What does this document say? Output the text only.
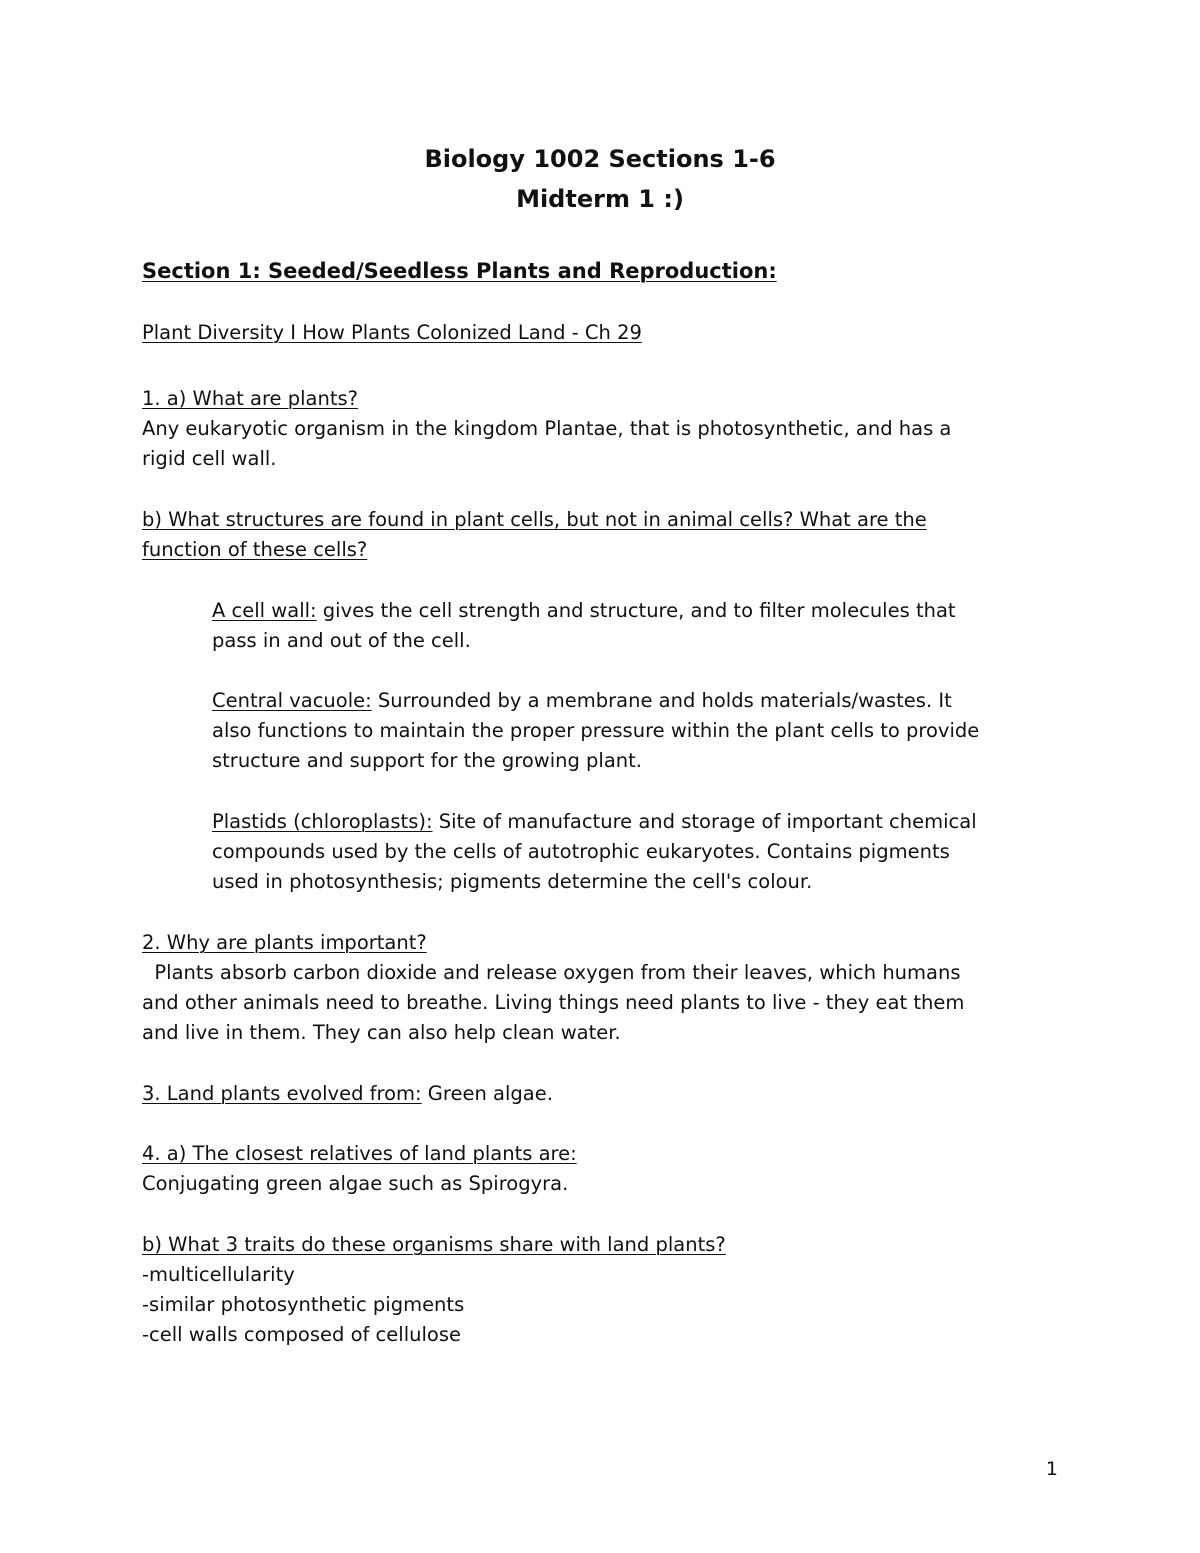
Biology 1002 Sections 1-6
Midterm 1 :)
Section 1: Seeded/Seedless Plants and Reproduction:
Plant Diversity I How Plants Colonized Land - Ch 29
1. a) What are plants?
Any eukaryotic organism in the kingdom Plantae, that is photosynthetic, and has a
rigid cell wall.
b) What structures are found in plant cells, but not in animal cells? What are the
function of these cells?
A cell wall: gives the cell strength and structure, and to filter molecules that
pass in and out of the cell.
Central vacuole: Surrounded by a membrane and holds materials/wastes. It
also functions to maintain the proper pressure within the plant cells to provide
structure and support for the growing plant.
Plastids (chloroplasts): Site of manufacture and storage of important chemical
compounds used by the cells of autotrophic eukaryotes. Contains pigments
used in photosynthesis; pigments determine the cell's colour.
2. Why are plants important?
Plants absorb carbon dioxide and release oxygen from their leaves, which humans
and other animals need to breathe. Living things need plants to live - they eat them
and live in them. They can also help clean water.
3. Land plants evolved from: Green algae.
4. a) The closest relatives of land plants are:
Conjugating green algae such as Spirogyra.
b) What 3 traits do these organisms share with land plants?
-multicellularity
-similar photosynthetic pigments
-cell walls composed of cellulose
1
